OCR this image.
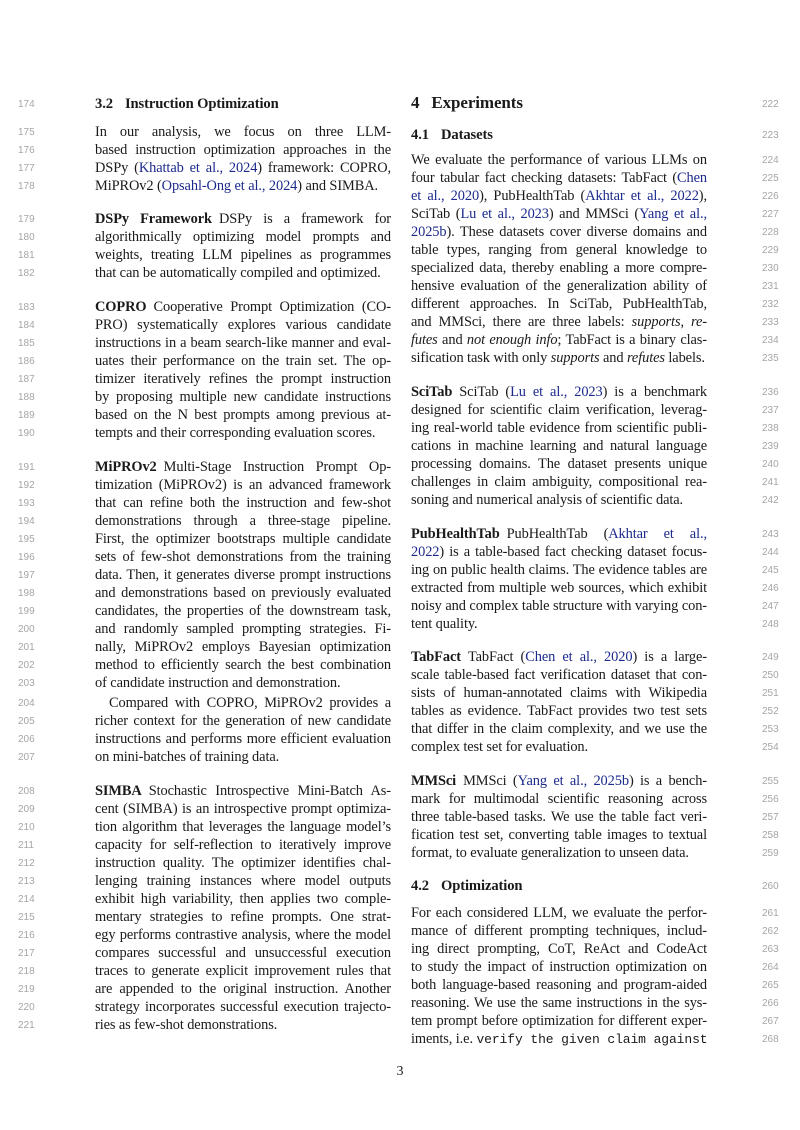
174
175
176
177
178
179
180
181
182
183
184
185
186
187
188
189
190
191
192
193
194
195
196
197
198
199
200
201
202
203
204
205
206
207
208
209
210
211
212
213
214
215
216
217
218
219
220
221
222
223
224
225
226
227
228
229
230
231
232
233
234
235
236
237
238
239
240
241
242
243
244
245
246
247
248
249
250
251
252
253
254
255
256
257
258
259
260
261
262
263
264
265
266
267
268
3.2 Instruction Optimization
In our analysis, we focus on three LLM-
based instruction optimization approaches in the
DSPy (Khattab et al., 2024) framework: COPRO,
MiPROv2 (Opsahl-Ong et al., 2024) and SIMBA.
DSPy Framework DSPy is a framework for
algorithmically optimizing model prompts and
weights, treating LLM pipelines as programmes
that can be automatically compiled and optimized.
COPRO Cooperative Prompt Optimization (CO-
PRO) systematically explores various candidate
instructions in a beam search-like manner and eval-
uates their performance on the train set. The op-
timizer iteratively refines the prompt instruction
by proposing multiple new candidate instructions
based on the N best prompts among previous at-
tempts and their corresponding evaluation scores.
MiPROv2 Multi-Stage Instruction Prompt Op-
timization (MiPROv2) is an advanced framework
that can refine both the instruction and few-shot
demonstrations through a three-stage pipeline.
First, the optimizer bootstraps multiple candidate
sets of few-shot demonstrations from the training
data. Then, it generates diverse prompt instructions
and demonstrations based on previously evaluated
candidates, the properties of the downstream task,
and randomly sampled prompting strategies. Fi-
nally, MiPROv2 employs Bayesian optimization
method to efficiently search the best combination
of candidate instruction and demonstration.
Compared with COPRO, MiPROv2 provides a
richer context for the generation of new candidate
instructions and performs more efficient evaluation
on mini-batches of training data.
SIMBA Stochastic Introspective Mini-Batch As-
cent (SIMBA) is an introspective prompt optimiza-
tion algorithm that leverages the language model’s
capacity for self-reflection to iteratively improve
instruction quality. The optimizer identifies chal-
lenging training instances where model outputs
exhibit high variability, then applies two comple-
mentary strategies to refine prompts. One strat-
egy performs contrastive analysis, where the model
compares successful and unsuccessful execution
traces to generate explicit improvement rules that
are appended to the original instruction. Another
strategy incorporates successful execution trajecto-
ries as few-shot demonstrations.
4 Experiments
4.1 Datasets
We evaluate the performance of various LLMs on
four tabular fact checking datasets: TabFact (Chen
et al., 2020), PubHealthTab (Akhtar et al., 2022),
SciTab (Lu et al., 2023) and MMSci (Yang et al.,
2025b). These datasets cover diverse domains and
table types, ranging from general knowledge to
specialized data, thereby enabling a more compre-
hensive evaluation of the generalization ability of
different approaches. In SciTab, PubHealthTab,
and MMSci, there are three labels: supports, re-
futes and not enough info; TabFact is a binary clas-
sification task with only supports and refutes labels.
SciTab SciTab (Lu et al., 2023) is a benchmark
designed for scientific claim verification, leverag-
ing real-world table evidence from scientific publi-
cations in machine learning and natural language
processing domains. The dataset presents unique
challenges in claim ambiguity, compositional rea-
soning and numerical analysis of scientific data.
PubHealthTab PubHealthTab (Akhtar et al.,
2022) is a table-based fact checking dataset focus-
ing on public health claims. The evidence tables are
extracted from multiple web sources, which exhibit
noisy and complex table structure with varying con-
tent quality.
TabFact TabFact (Chen et al., 2020) is a large-
scale table-based fact verification dataset that con-
sists of human-annotated claims with Wikipedia
tables as evidence. TabFact provides two test sets
that differ in the claim complexity, and we use the
complex test set for evaluation.
MMSci MMSci (Yang et al., 2025b) is a bench-
mark for multimodal scientific reasoning across
three table-based tasks. We use the table fact veri-
fication test set, converting table images to textual
format, to evaluate generalization to unseen data.
4.2 Optimization
For each considered LLM, we evaluate the perfor-
mance of different prompting techniques, includ-
ing direct prompting, CoT, ReAct and CodeAct
to study the impact of instruction optimization on
both language-based reasoning and program-aided
reasoning. We use the same instructions in the sys-
tem prompt before optimization for different exper-
iments, i.e. verify the given claim against
3
